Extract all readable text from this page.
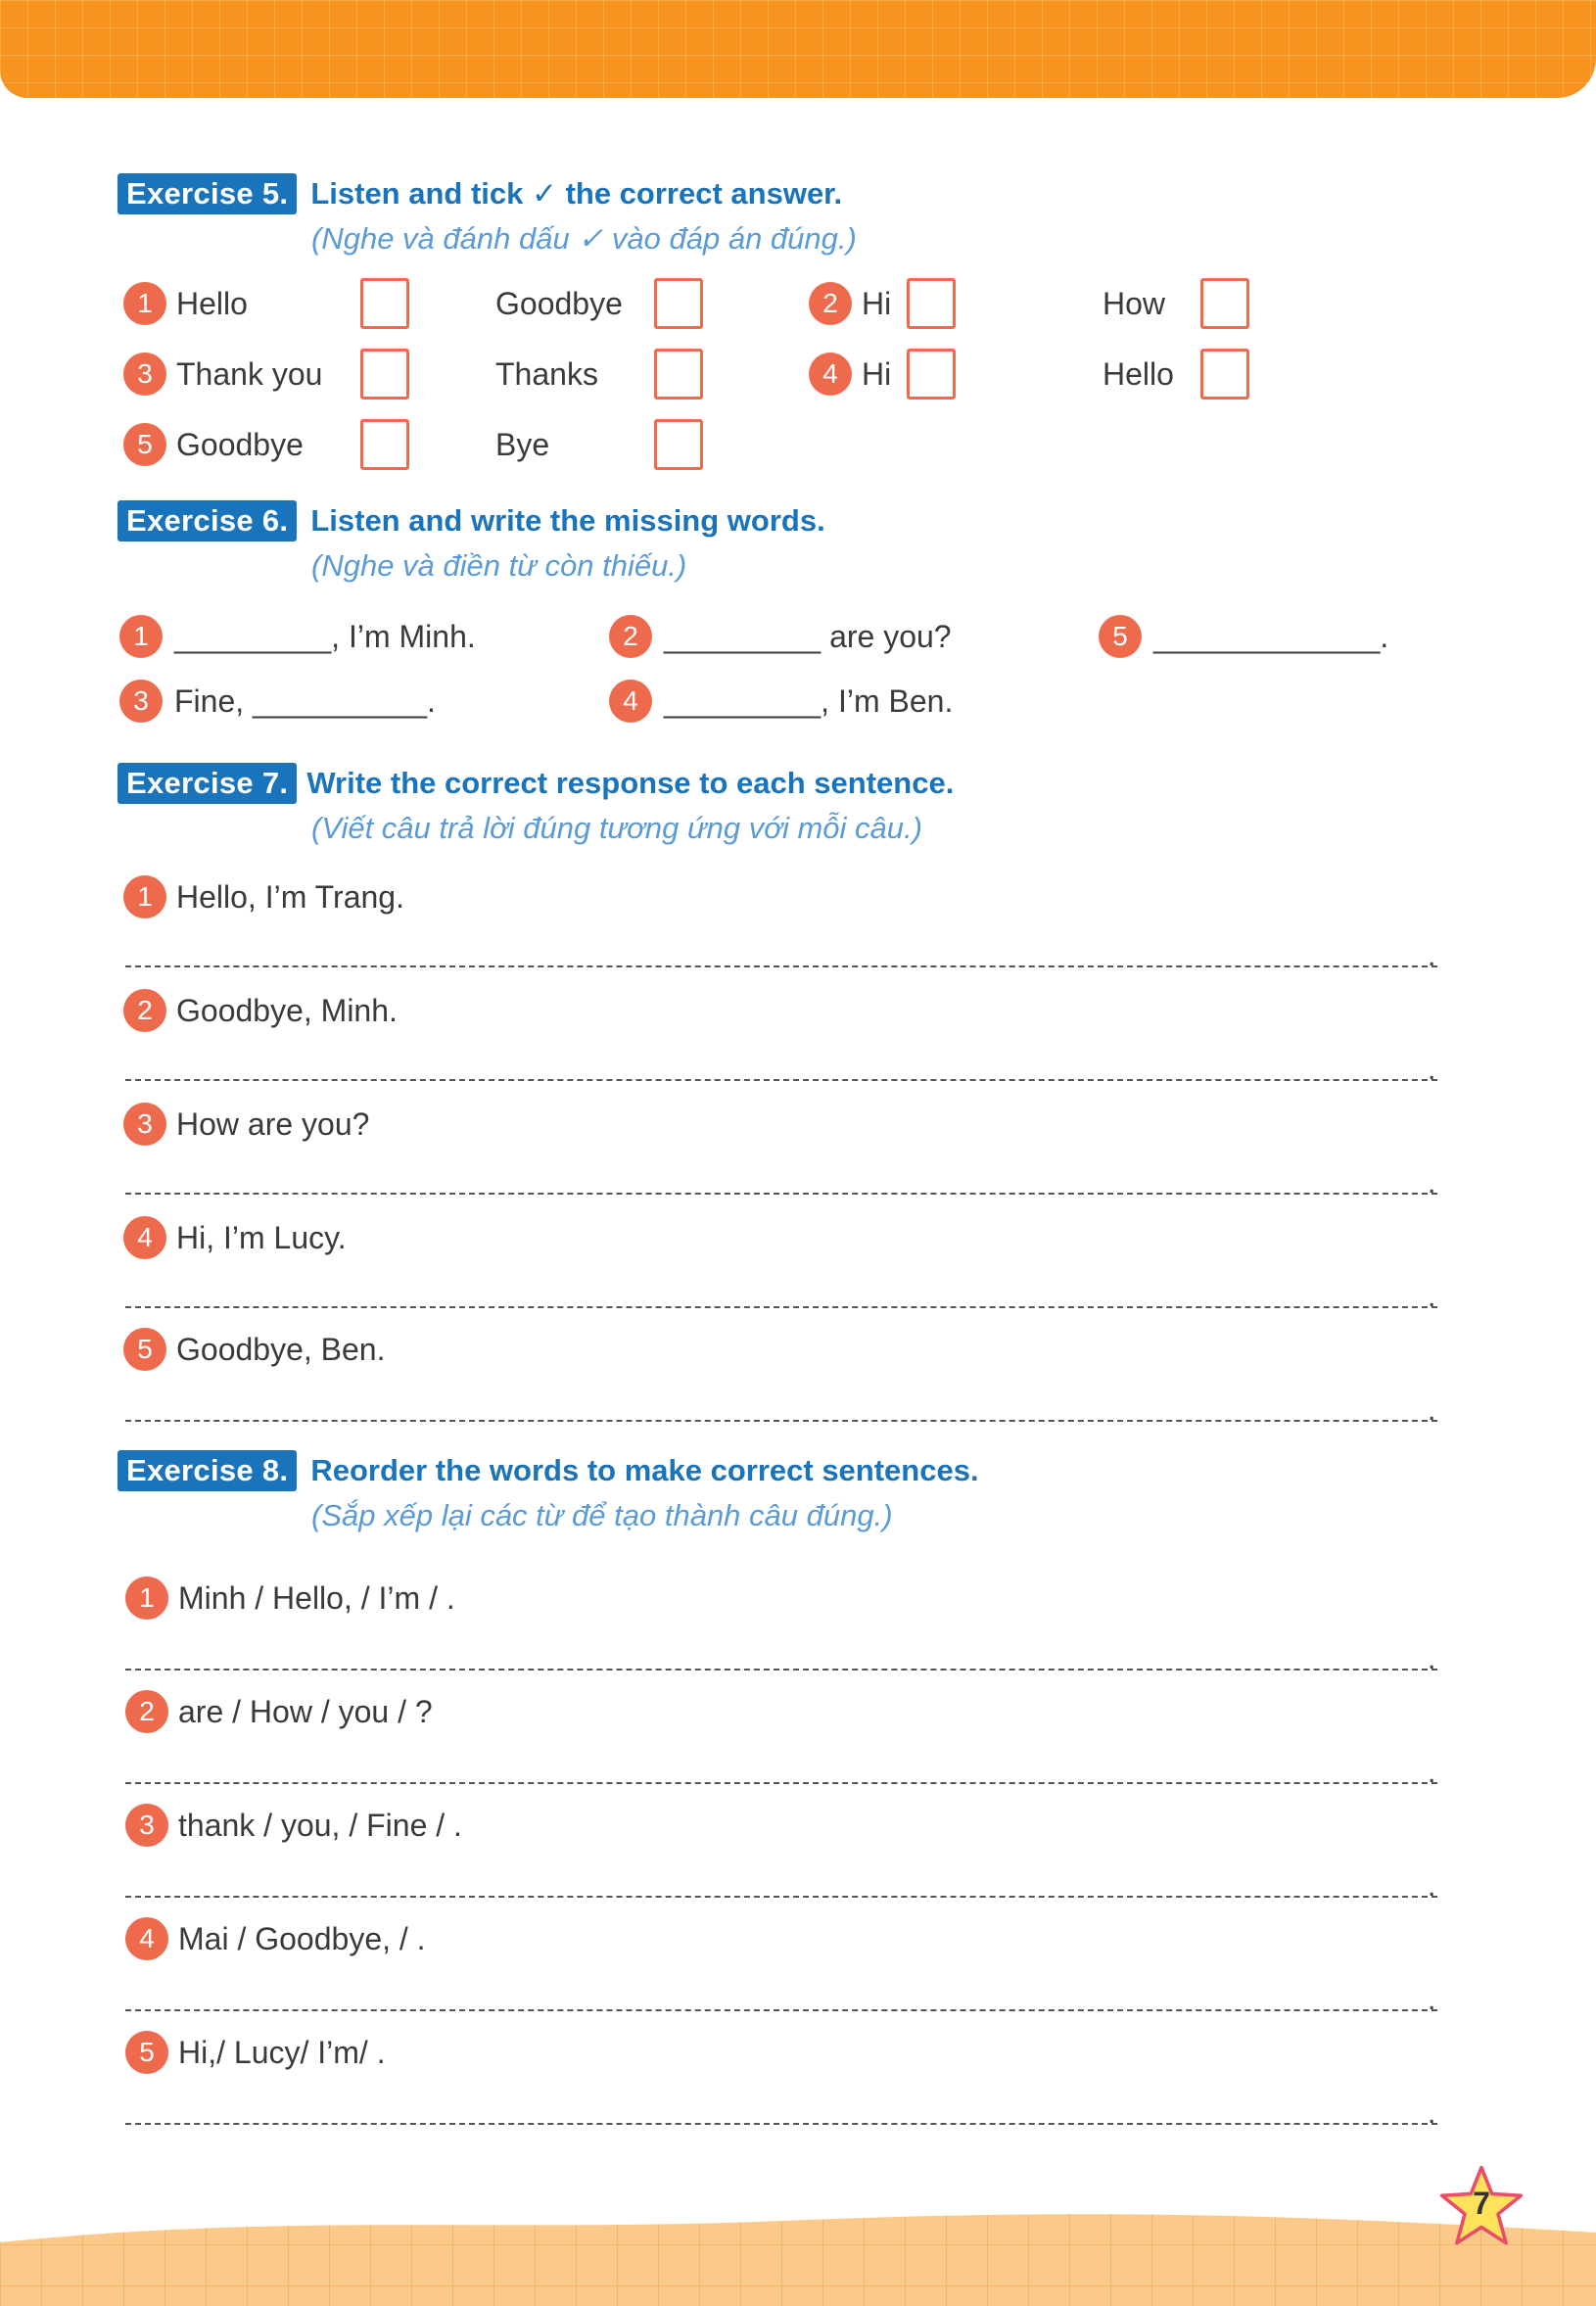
Exercise 5. Listen and tick ✓ the correct answer.
(Nghe và đánh dấu ✓ vào đáp án đúng.)
1 Hello	Goodbye	2 Hi	How
3 Thank you	Thanks	4 Hi	Hello
5 Goodbye	Bye
Exercise 6. Listen and write the missing words.
(Nghe và điền từ còn thiếu.)
1 _________, I’m Minh.	2 _________ are you?	5 _____________.
3 Fine, __________.	4 _________, I’m Ben.
Exercise 7. Write the correct response to each sentence.
(Viết câu trả lời đúng tương ứng với mỗi câu.)
1 Hello, I’m Trang.
.
2 Goodbye, Minh.
.
3 How are you?
.
4 Hi, I’m Lucy.
.
5 Goodbye, Ben.
.
Exercise 8. Reorder the words to make correct sentences.
(Sắp xếp lại các từ để tạo thành câu đúng.)
1 Minh / Hello, / I’m / .
.
2 are / How / you / ?
.
3 thank / you, / Fine / .
.
4 Mai / Goodbye, / .
.
5 Hi,/ Lucy/ I’m/ .
.
7
